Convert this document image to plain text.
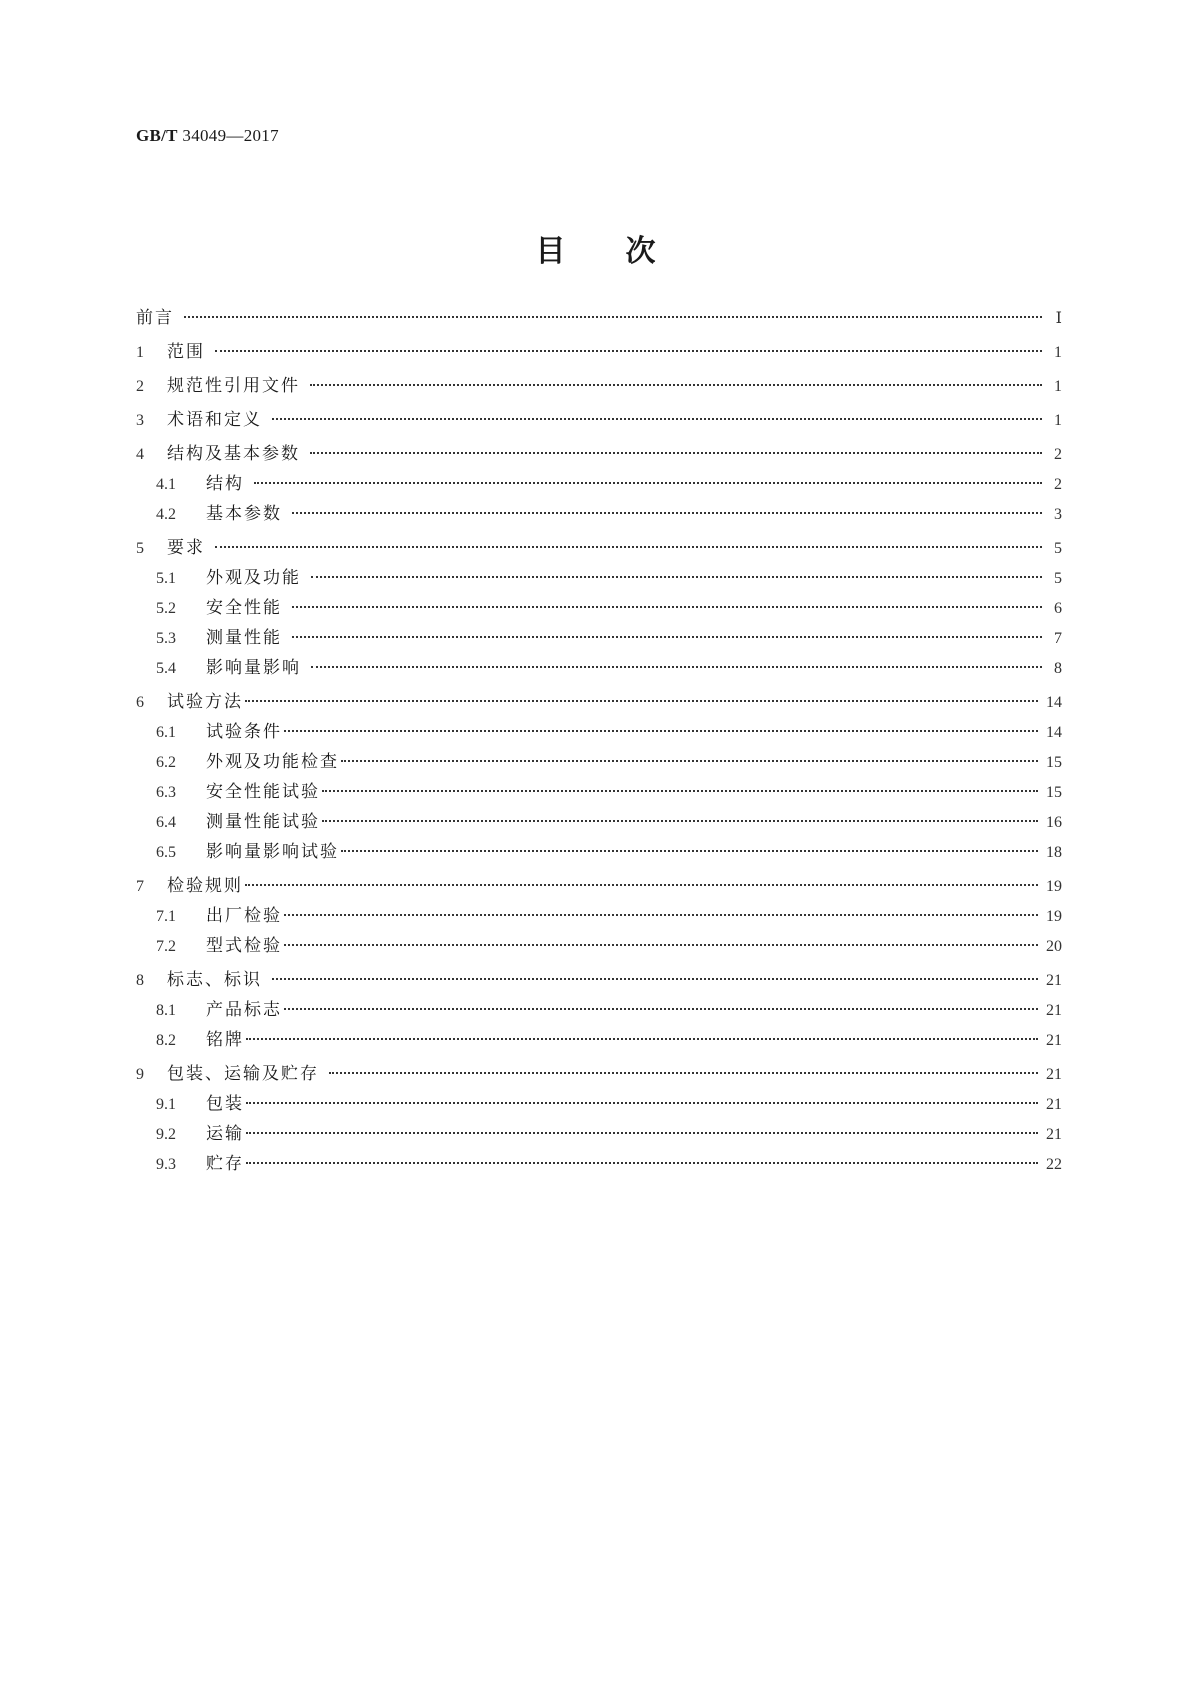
GB/T 34049—2017
目次
前言	Ⅰ
1	范围	1
2	规范性引用文件	1
3	术语和定义	1
4	结构及基本参数	2
4.1	结构	2
4.2	基本参数	3
5	要求	5
5.1	外观及功能	5
5.2	安全性能	6
5.3	测量性能	7
5.4	影响量影响	8
6	试验方法	14
6.1	试验条件	14
6.2	外观及功能检查	15
6.3	安全性能试验	15
6.4	测量性能试验	16
6.5	影响量影响试验	18
7	检验规则	19
7.1	出厂检验	19
7.2	型式检验	20
8	标志、标识	21
8.1	产品标志	21
8.2	铭牌	21
9	包装、运输及贮存	21
9.1	包装	21
9.2	运输	21
9.3	贮存	22
